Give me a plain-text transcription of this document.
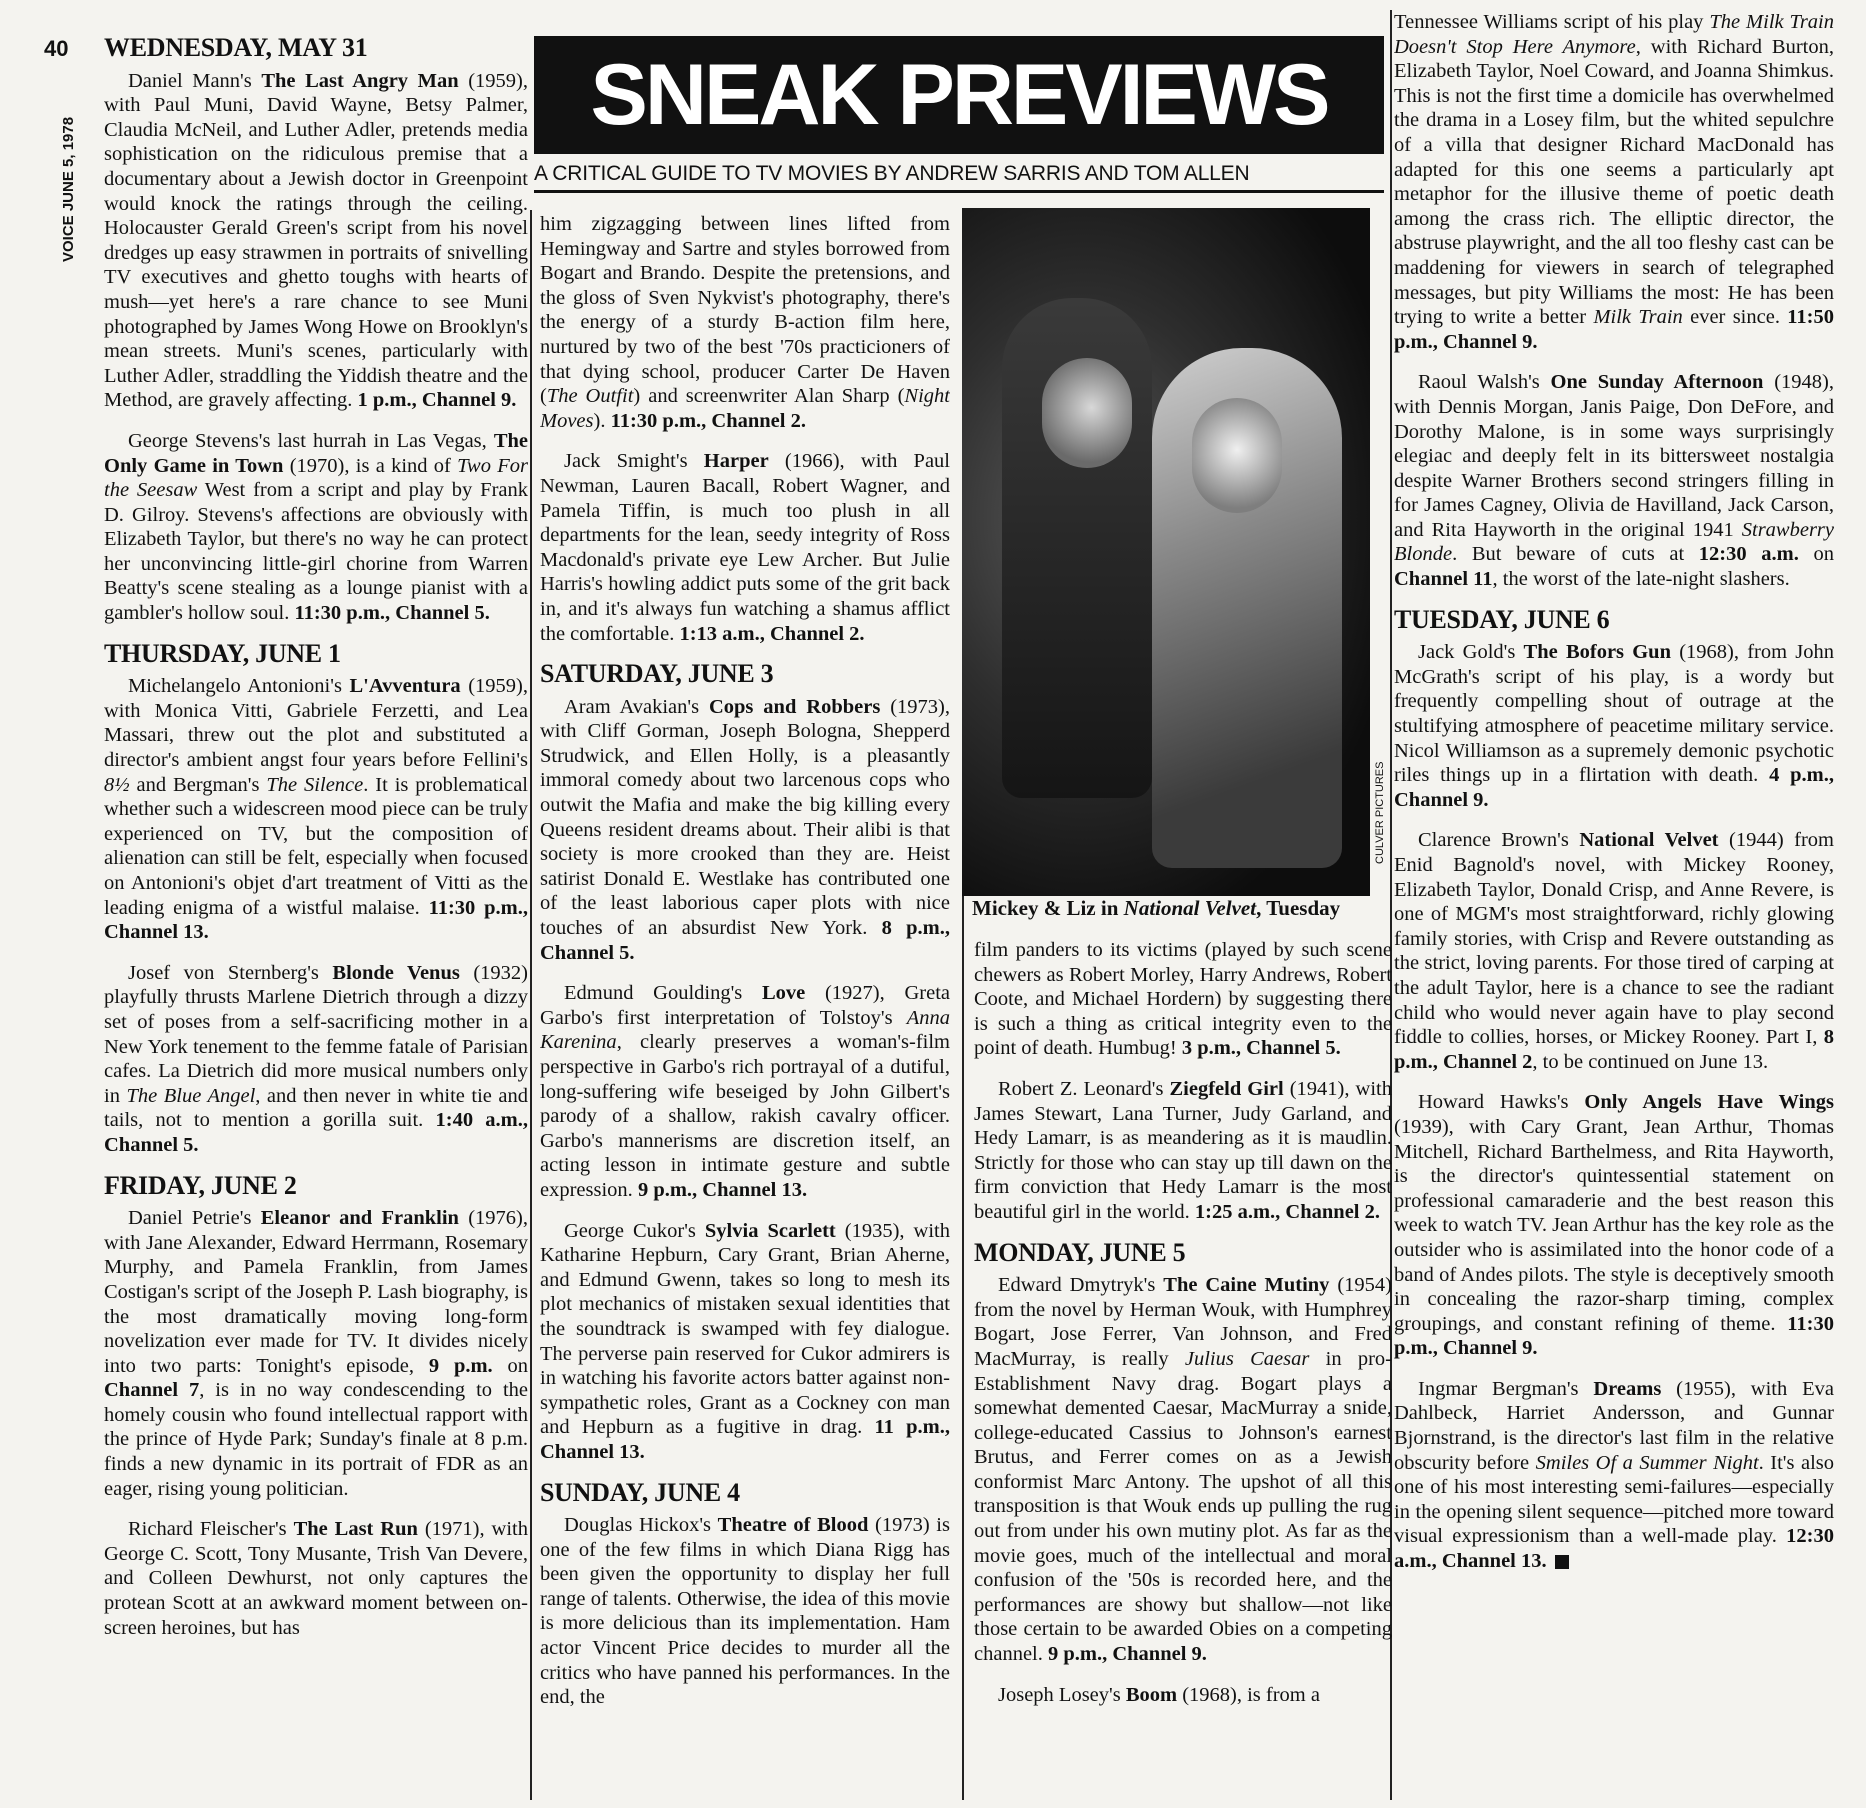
40
VOICE JUNE 5, 1978
SNEAK PREVIEWS
A CRITICAL GUIDE TO TV MOVIES BY ANDREW SARRIS AND TOM ALLEN
CULVER PICTURES
Mickey & Liz in National Velvet, Tuesday
WEDNESDAY, MAY 31

Daniel Mann's The Last Angry Man (1959), with Paul Muni, David Wayne, Betsy Palmer, Claudia McNeil, and Luther Adler, pretends media sophistication on the ridiculous premise that a documentary about a Jewish doctor in Greenpoint would knock the ratings through the ceiling. Holocauster Gerald Green's script from his novel dredges up easy strawmen in portraits of snivelling TV executives and ghetto toughs with hearts of mush—yet here's a rare chance to see Muni photographed by James Wong Howe on Brooklyn's mean streets. Muni's scenes, particularly with Luther Adler, straddling the Yiddish theatre and the Method, are gravely affecting. 1 p.m., Channel 9.

George Stevens's last hurrah in Las Vegas, The Only Game in Town (1970), is a kind of Two For the Seesaw West from a script and play by Frank D. Gilroy. Stevens's affections are obviously with Elizabeth Taylor, but there's no way he can protect her unconvincing little-girl chorine from Warren Beatty's scene stealing as a lounge pianist with a gambler's hollow soul. 11:30 p.m., Channel 5.

THURSDAY, JUNE 1

Michelangelo Antonioni's L'Avventura (1959), with Monica Vitti, Gabriele Ferzetti, and Lea Massari, threw out the plot and substituted a director's ambient angst four years before Fellini's 8½ and Bergman's The Silence. It is problematical whether such a widescreen mood piece can be truly experienced on TV, but the composition of alienation can still be felt, especially when focused on Antonioni's objet d'art treatment of Vitti as the leading enigma of a wistful malaise. 11:30 p.m., Channel 13.

Josef von Sternberg's Blonde Venus (1932) playfully thrusts Marlene Dietrich through a dizzy set of poses from a self-sacrificing mother in a New York tenement to the femme fatale of Parisian cafes. La Dietrich did more musical numbers only in The Blue Angel, and then never in white tie and tails, not to mention a gorilla suit. 1:40 a.m., Channel 5.

FRIDAY, JUNE 2

Daniel Petrie's Eleanor and Franklin (1976), with Jane Alexander, Edward Herrmann, Rosemary Murphy, and Pamela Franklin, from James Costigan's script of the Joseph P. Lash biography, is the most dramatically moving long-form novelization ever made for TV. It divides nicely into two parts: Tonight's episode, 9 p.m. on Channel 7, is in no way condescending to the homely cousin who found intellectual rapport with the prince of Hyde Park; Sunday's finale at 8 p.m. finds a new dynamic in its portrait of FDR as an eager, rising young politician.

Richard Fleischer's The Last Run (1971), with George C. Scott, Tony Musante, Trish Van Devere, and Colleen Dewhurst, not only captures the protean Scott at an awkward moment between on-screen heroines, but has

him zigzagging between lines lifted from Hemingway and Sartre and styles borrowed from Bogart and Brando. Despite the pretensions, and the gloss of Sven Nykvist's photography, there's the energy of a sturdy B-action film here, nurtured by two of the best '70s practicioners of that dying school, producer Carter De Haven (The Outfit) and screenwriter Alan Sharp (Night Moves). 11:30 p.m., Channel 2.

Jack Smight's Harper (1966), with Paul Newman, Lauren Bacall, Robert Wagner, and Pamela Tiffin, is much too plush in all departments for the lean, seedy integrity of Ross Macdonald's private eye Lew Archer. But Julie Harris's howling addict puts some of the grit back in, and it's always fun watching a shamus afflict the comfortable. 1:13 a.m., Channel 2.

SATURDAY, JUNE 3

Aram Avakian's Cops and Robbers (1973), with Cliff Gorman, Joseph Bologna, Shepperd Strudwick, and Ellen Holly, is a pleasantly immoral comedy about two larcenous cops who outwit the Mafia and make the big killing every Queens resident dreams about. Their alibi is that society is more crooked than they are. Heist satirist Donald E. Westlake has contributed one of the least laborious caper plots with nice touches of an absurdist New York. 8 p.m., Channel 5.

Edmund Goulding's Love (1927), Greta Garbo's first interpretation of Tolstoy's Anna Karenina, clearly preserves a woman's-film perspective in Garbo's rich portrayal of a dutiful, long-suffering wife beseiged by John Gilbert's parody of a shallow, rakish cavalry officer. Garbo's mannerisms are discretion itself, an acting lesson in intimate gesture and subtle expression. 9 p.m., Channel 13.

George Cukor's Sylvia Scarlett (1935), with Katharine Hepburn, Cary Grant, Brian Aherne, and Edmund Gwenn, takes so long to mesh its plot mechanics of mistaken sexual identities that the soundtrack is swamped with fey dialogue. The perverse pain reserved for Cukor admirers is in watching his favorite actors batter against non-sympathetic roles, Grant as a Cockney con man and Hepburn as a fugitive in drag. 11 p.m., Channel 13.

SUNDAY, JUNE 4

Douglas Hickox's Theatre of Blood (1973) is one of the few films in which Diana Rigg has been given the opportunity to display her full range of talents. Otherwise, the idea of this movie is more delicious than its implementation. Ham actor Vincent Price decides to murder all the critics who have panned his performances. In the end, the

film panders to its victims (played by such scene chewers as Robert Morley, Harry Andrews, Robert Coote, and Michael Hordern) by suggesting there is such a thing as critical integrity even to the point of death. Humbug! 3 p.m., Channel 5.

Robert Z. Leonard's Ziegfeld Girl (1941), with James Stewart, Lana Turner, Judy Garland, and Hedy Lamarr, is as meandering as it is maudlin. Strictly for those who can stay up till dawn on the firm conviction that Hedy Lamarr is the most beautiful girl in the world. 1:25 a.m., Channel 2.

MONDAY, JUNE 5

Edward Dmytryk's The Caine Mutiny (1954) from the novel by Herman Wouk, with Humphrey Bogart, Jose Ferrer, Van Johnson, and Fred MacMurray, is really Julius Caesar in pro-Establishment Navy drag. Bogart plays a somewhat demented Caesar, MacMurray a snide, college-educated Cassius to Johnson's earnest Brutus, and Ferrer comes on as a Jewish conformist Marc Antony. The upshot of all this transposition is that Wouk ends up pulling the rug out from under his own mutiny plot. As far as the movie goes, much of the intellectual and moral confusion of the '50s is recorded here, and the performances are showy but shallow—not like those certain to be awarded Obies on a competing channel. 9 p.m., Channel 9.

Joseph Losey's Boom (1968), is from a

Tennessee Williams script of his play The Milk Train Doesn't Stop Here Anymore, with Richard Burton, Elizabeth Taylor, Noel Coward, and Joanna Shimkus. This is not the first time a domicile has overwhelmed the drama in a Losey film, but the whited sepulchre of a villa that designer Richard MacDonald has adapted for this one seems a particularly apt metaphor for the illusive theme of poetic death among the crass rich. The elliptic director, the abstruse playwright, and the all too fleshy cast can be maddening for viewers in search of telegraphed messages, but pity Williams the most: He has been trying to write a better Milk Train ever since. 11:50 p.m., Channel 9.

Raoul Walsh's One Sunday Afternoon (1948), with Dennis Morgan, Janis Paige, Don DeFore, and Dorothy Malone, is in some ways surprisingly elegiac and deeply felt in its bittersweet nostalgia despite Warner Brothers second stringers filling in for James Cagney, Olivia de Havilland, Jack Carson, and Rita Hayworth in the original 1941 Strawberry Blonde. But beware of cuts at 12:30 a.m. on Channel 11, the worst of the late-night slashers.

TUESDAY, JUNE 6

Jack Gold's The Bofors Gun (1968), from John McGrath's script of his play, is a wordy but frequently compelling shout of outrage at the stultifying atmosphere of peacetime military service. Nicol Williamson as a supremely demonic psychotic riles things up in a flirtation with death. 4 p.m., Channel 9.

Clarence Brown's National Velvet (1944) from Enid Bagnold's novel, with Mickey Rooney, Elizabeth Taylor, Donald Crisp, and Anne Revere, is one of MGM's most straightforward, richly glowing family stories, with Crisp and Revere outstanding as the strict, loving parents. For those tired of carping at the adult Taylor, here is a chance to see the radiant child who would never again have to play second fiddle to collies, horses, or Mickey Rooney. Part I, 8 p.m., Channel 2, to be continued on June 13.

Howard Hawks's Only Angels Have Wings (1939), with Cary Grant, Jean Arthur, Thomas Mitchell, Richard Barthelmess, and Rita Hayworth, is the director's quintessential statement on professional camaraderie and the best reason this week to watch TV. Jean Arthur has the key role as the outsider who is assimilated into the honor code of a band of Andes pilots. The style is deceptively smooth in concealing the razor-sharp timing, complex groupings, and constant refining of theme. 11:30 p.m., Channel 9.

Ingmar Bergman's Dreams (1955), with Eva Dahlbeck, Harriet Andersson, and Gunnar Bjornstrand, is the director's last film in the relative obscurity before Smiles Of a Summer Night. It's also one of his most interesting semi-failures—especially in the opening silent sequence—pitched more toward visual expressionism than a well-made play. 12:30 a.m., Channel 13.
